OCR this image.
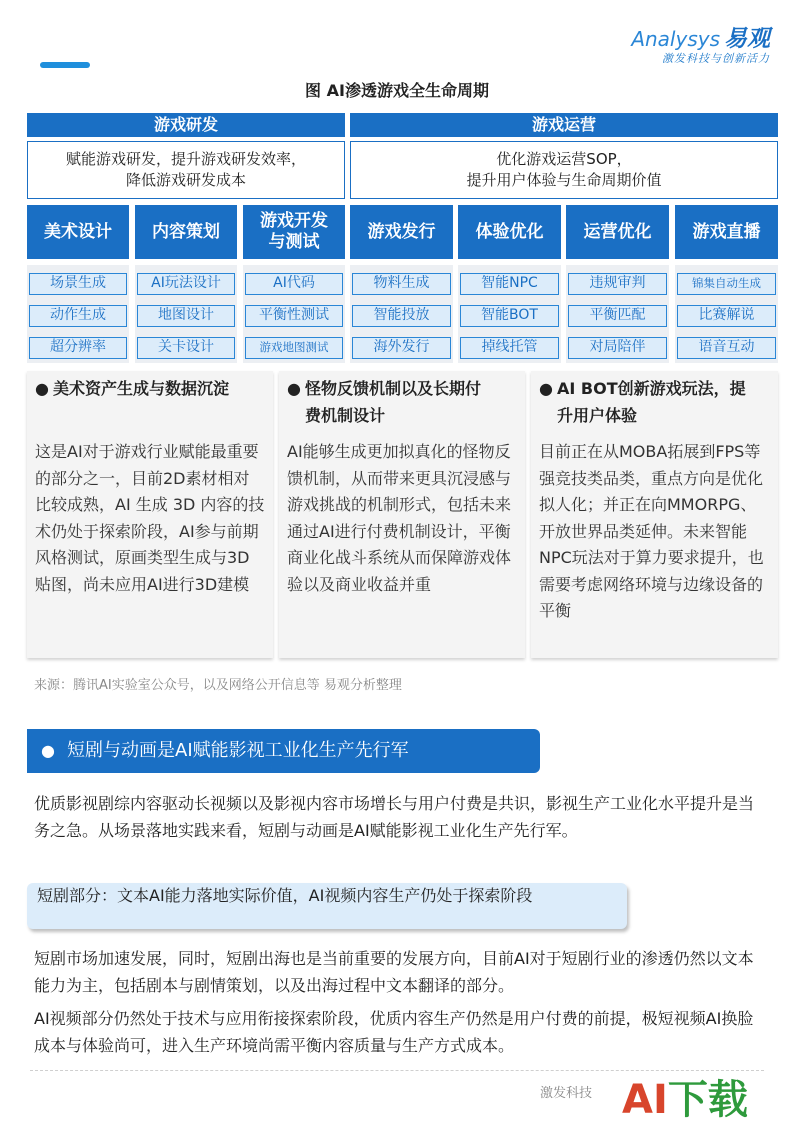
Analysys 易观
激发科技与创新活力
图 AI渗透游戏全生命周期
游戏研发	游戏运营
赋能游戏研发，提升游戏研发效率，
降低游戏研发成本
优化游戏运营SOP，
提升用户体验与生命周期价值
美术设计
场景生成
动作生成
超分辨率
内容策划
AI玩法设计
地图设计
关卡设计
游戏开发
与测试
AI代码
平衡性测试
游戏地图测试
游戏发行
物料生成
智能投放
海外发行
体验优化
智能NPC
智能BOT
掉线托管
运营优化
违规审判
平衡匹配
对局陪伴
游戏直播
锦集自动生成
比赛解说
语音互动
● 美术资产生成与数据沉淀
这是AI对于游戏行业赋能最重要的部分之一，目前2D素材相对比较成熟，AI 生成 3D 内容的技术仍处于探索阶段，AI参与前期风格测试，原画类型生成与3D贴图，尚未应用AI进行3D建模
● 怪物反馈机制以及长期付
费机制设计
AI能够生成更加拟真化的怪物反馈机制，从而带来更具沉浸感与游戏挑战的机制形式，包括未来通过AI进行付费机制设计，平衡商业化战斗系统从而保障游戏体验以及商业收益并重
● AI BOT创新游戏玩法，提
升用户体验
目前正在从MOBA拓展到FPS等强竞技类品类，重点方向是优化拟人化；并正在向MMORPG、开放世界品类延伸。未来智能NPC玩法对于算力要求提升，也需要考虑网络环境与边缘设备的平衡
来源：腾讯AI实验室公众号，以及网络公开信息等 易观分析整理
● 短剧与动画是AI赋能影视工业化生产先行军
优质影视剧综内容驱动长视频以及影视内容市场增长与用户付费是共识，影视生产工业化水平提升是当务之急。从场景落地实践来看，短剧与动画是AI赋能影视工业化生产先行军。
短剧部分：文本AI能力落地实际价值，AI视频内容生产仍处于探索阶段
短剧市场加速发展，同时，短剧出海也是当前重要的发展方向，目前AI对于短剧行业的渗透仍然以文本能力为主，包括剧本与剧情策划，以及出海过程中文本翻译的部分。
AI视频部分仍然处于技术与应用衔接探索阶段，优质内容生产仍然是用户付费的前提，极短视频AI换脸成本与体验尚可，进入生产环境尚需平衡内容质量与生产方式成本。
激发科技 AI下载
